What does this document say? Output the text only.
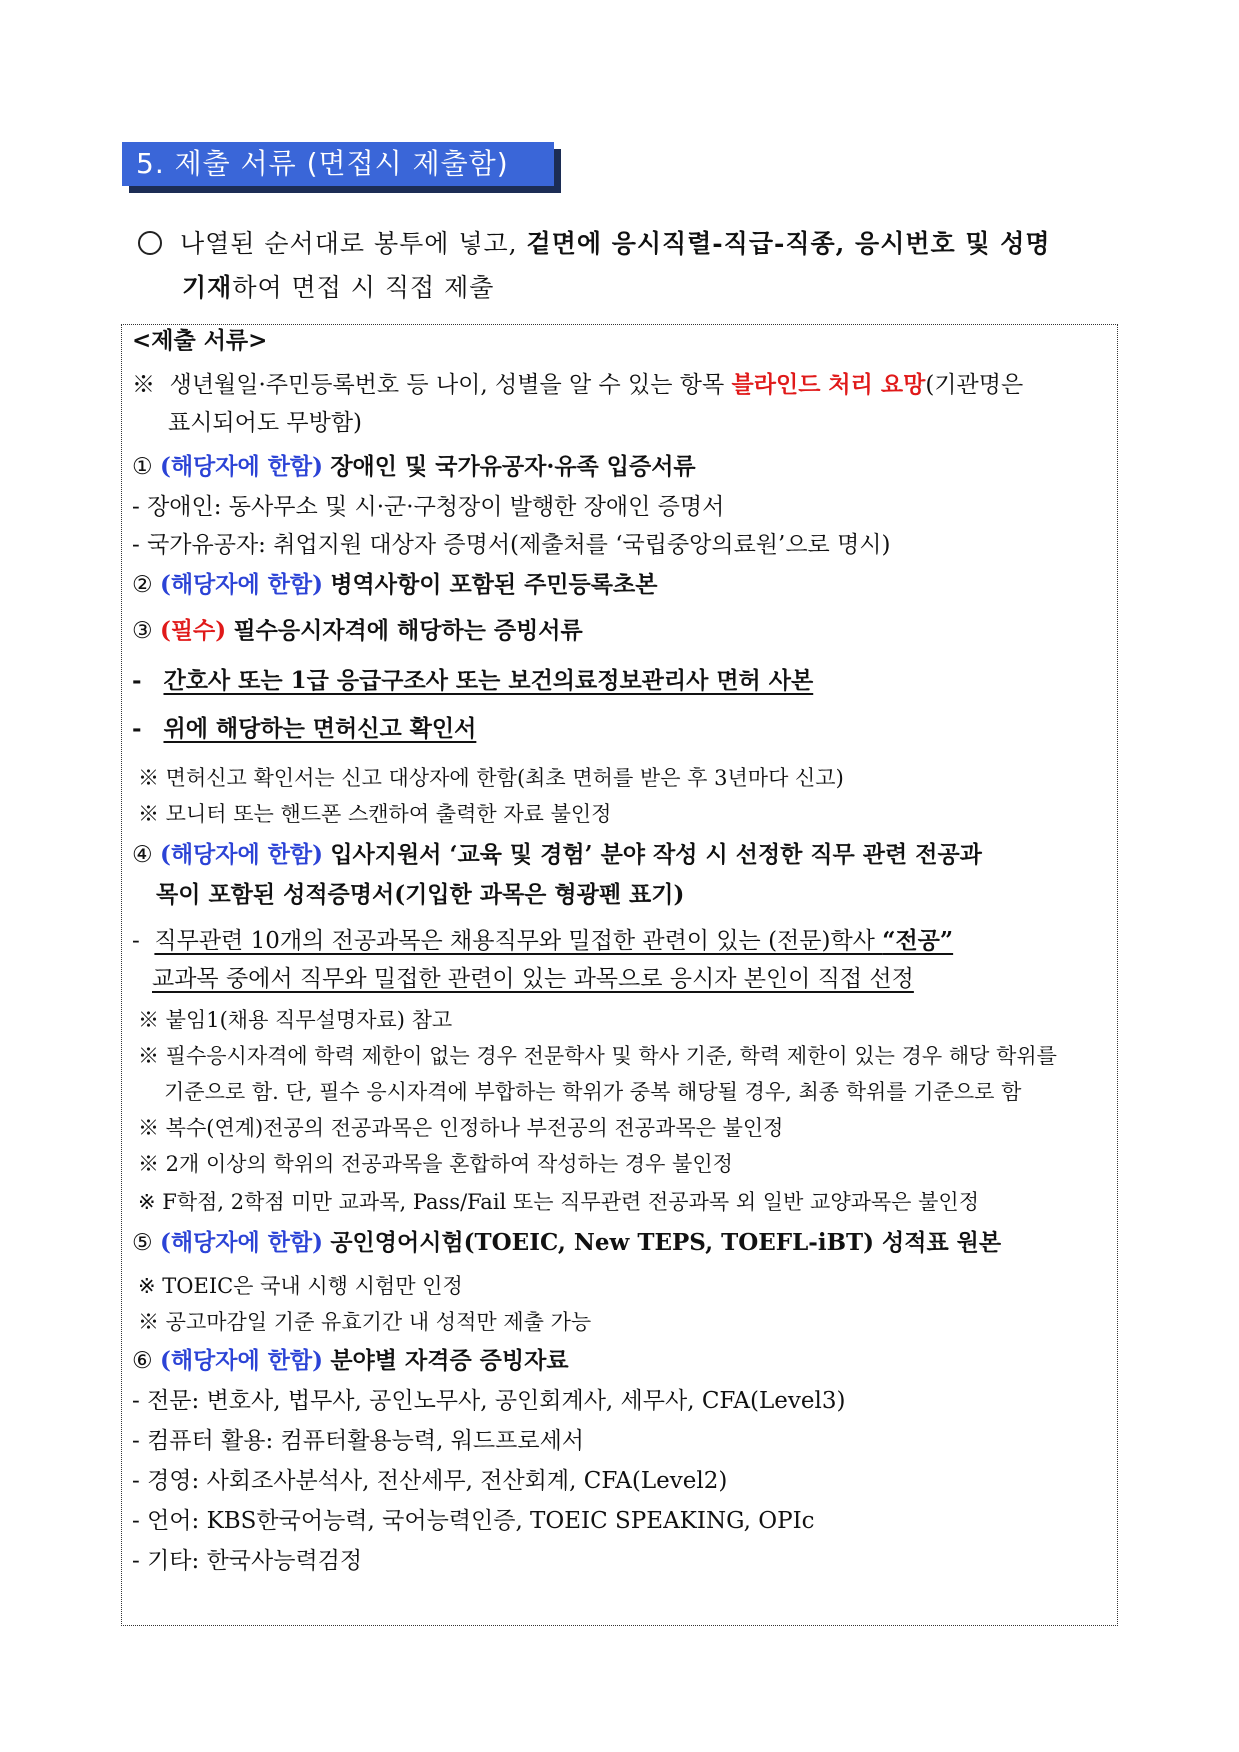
5. 제출 서류 (면접시 제출함)
나열된 순서대로 봉투에 넣고, 겉면에 응시직렬-직급-직종, 응시번호 및 성명
기재하여 면접 시 직접 제출
<제출 서류>
※ 생년월일·주민등록번호 등 나이, 성별을 알 수 있는 항목 블라인드 처리 요망(기관명은
표시되어도 무방함)
① (해당자에 한함) 장애인 및 국가유공자·유족 입증서류
- 장애인: 동사무소 및 시·군·구청장이 발행한 장애인 증명서
- 국가유공자: 취업지원 대상자 증명서(제출처를 ‘국립중앙의료원’으로 명시)
② (해당자에 한함) 병역사항이 포함된 주민등록초본
③ (필수) 필수응시자격에 해당하는 증빙서류
- 간호사 또는 1급 응급구조사 또는 보건의료정보관리사 면허 사본
- 위에 해당하는 면허신고 확인서
※ 면허신고 확인서는 신고 대상자에 한함(최초 면허를 받은 후 3년마다 신고)
※ 모니터 또는 핸드폰 스캔하여 출력한 자료 불인정
④ (해당자에 한함) 입사지원서 ‘교육 및 경험’ 분야 작성 시 선정한 직무 관련 전공과
목이 포함된 성적증명서(기입한 과목은 형광펜 표기)
- 직무관련 10개의 전공과목은 채용직무와 밀접한 관련이 있는 (전문)학사 “전공”
교과목 중에서 직무와 밀접한 관련이 있는 과목으로 응시자 본인이 직접 선정
※ 붙임1(채용 직무설명자료) 참고
※ 필수응시자격에 학력 제한이 없는 경우 전문학사 및 학사 기준, 학력 제한이 있는 경우 해당 학위를
기준으로 함. 단, 필수 응시자격에 부합하는 학위가 중복 해당될 경우, 최종 학위를 기준으로 함
※ 복수(연계)전공의 전공과목은 인정하나 부전공의 전공과목은 불인정
※ 2개 이상의 학위의 전공과목을 혼합하여 작성하는 경우 불인정
※ F학점, 2학점 미만 교과목, Pass/Fail 또는 직무관련 전공과목 외 일반 교양과목은 불인정
⑤ (해당자에 한함) 공인영어시험(TOEIC, New TEPS, TOEFL-iBT) 성적표 원본
※ TOEIC은 국내 시행 시험만 인정
※ 공고마감일 기준 유효기간 내 성적만 제출 가능
⑥ (해당자에 한함) 분야별 자격증 증빙자료
- 전문: 변호사, 법무사, 공인노무사, 공인회계사, 세무사, CFA(Level3)
- 컴퓨터 활용: 컴퓨터활용능력, 워드프로세서
- 경영: 사회조사분석사, 전산세무, 전산회계, CFA(Level2)
- 언어: KBS한국어능력, 국어능력인증, TOEIC SPEAKING, OPIc
- 기타: 한국사능력검정
